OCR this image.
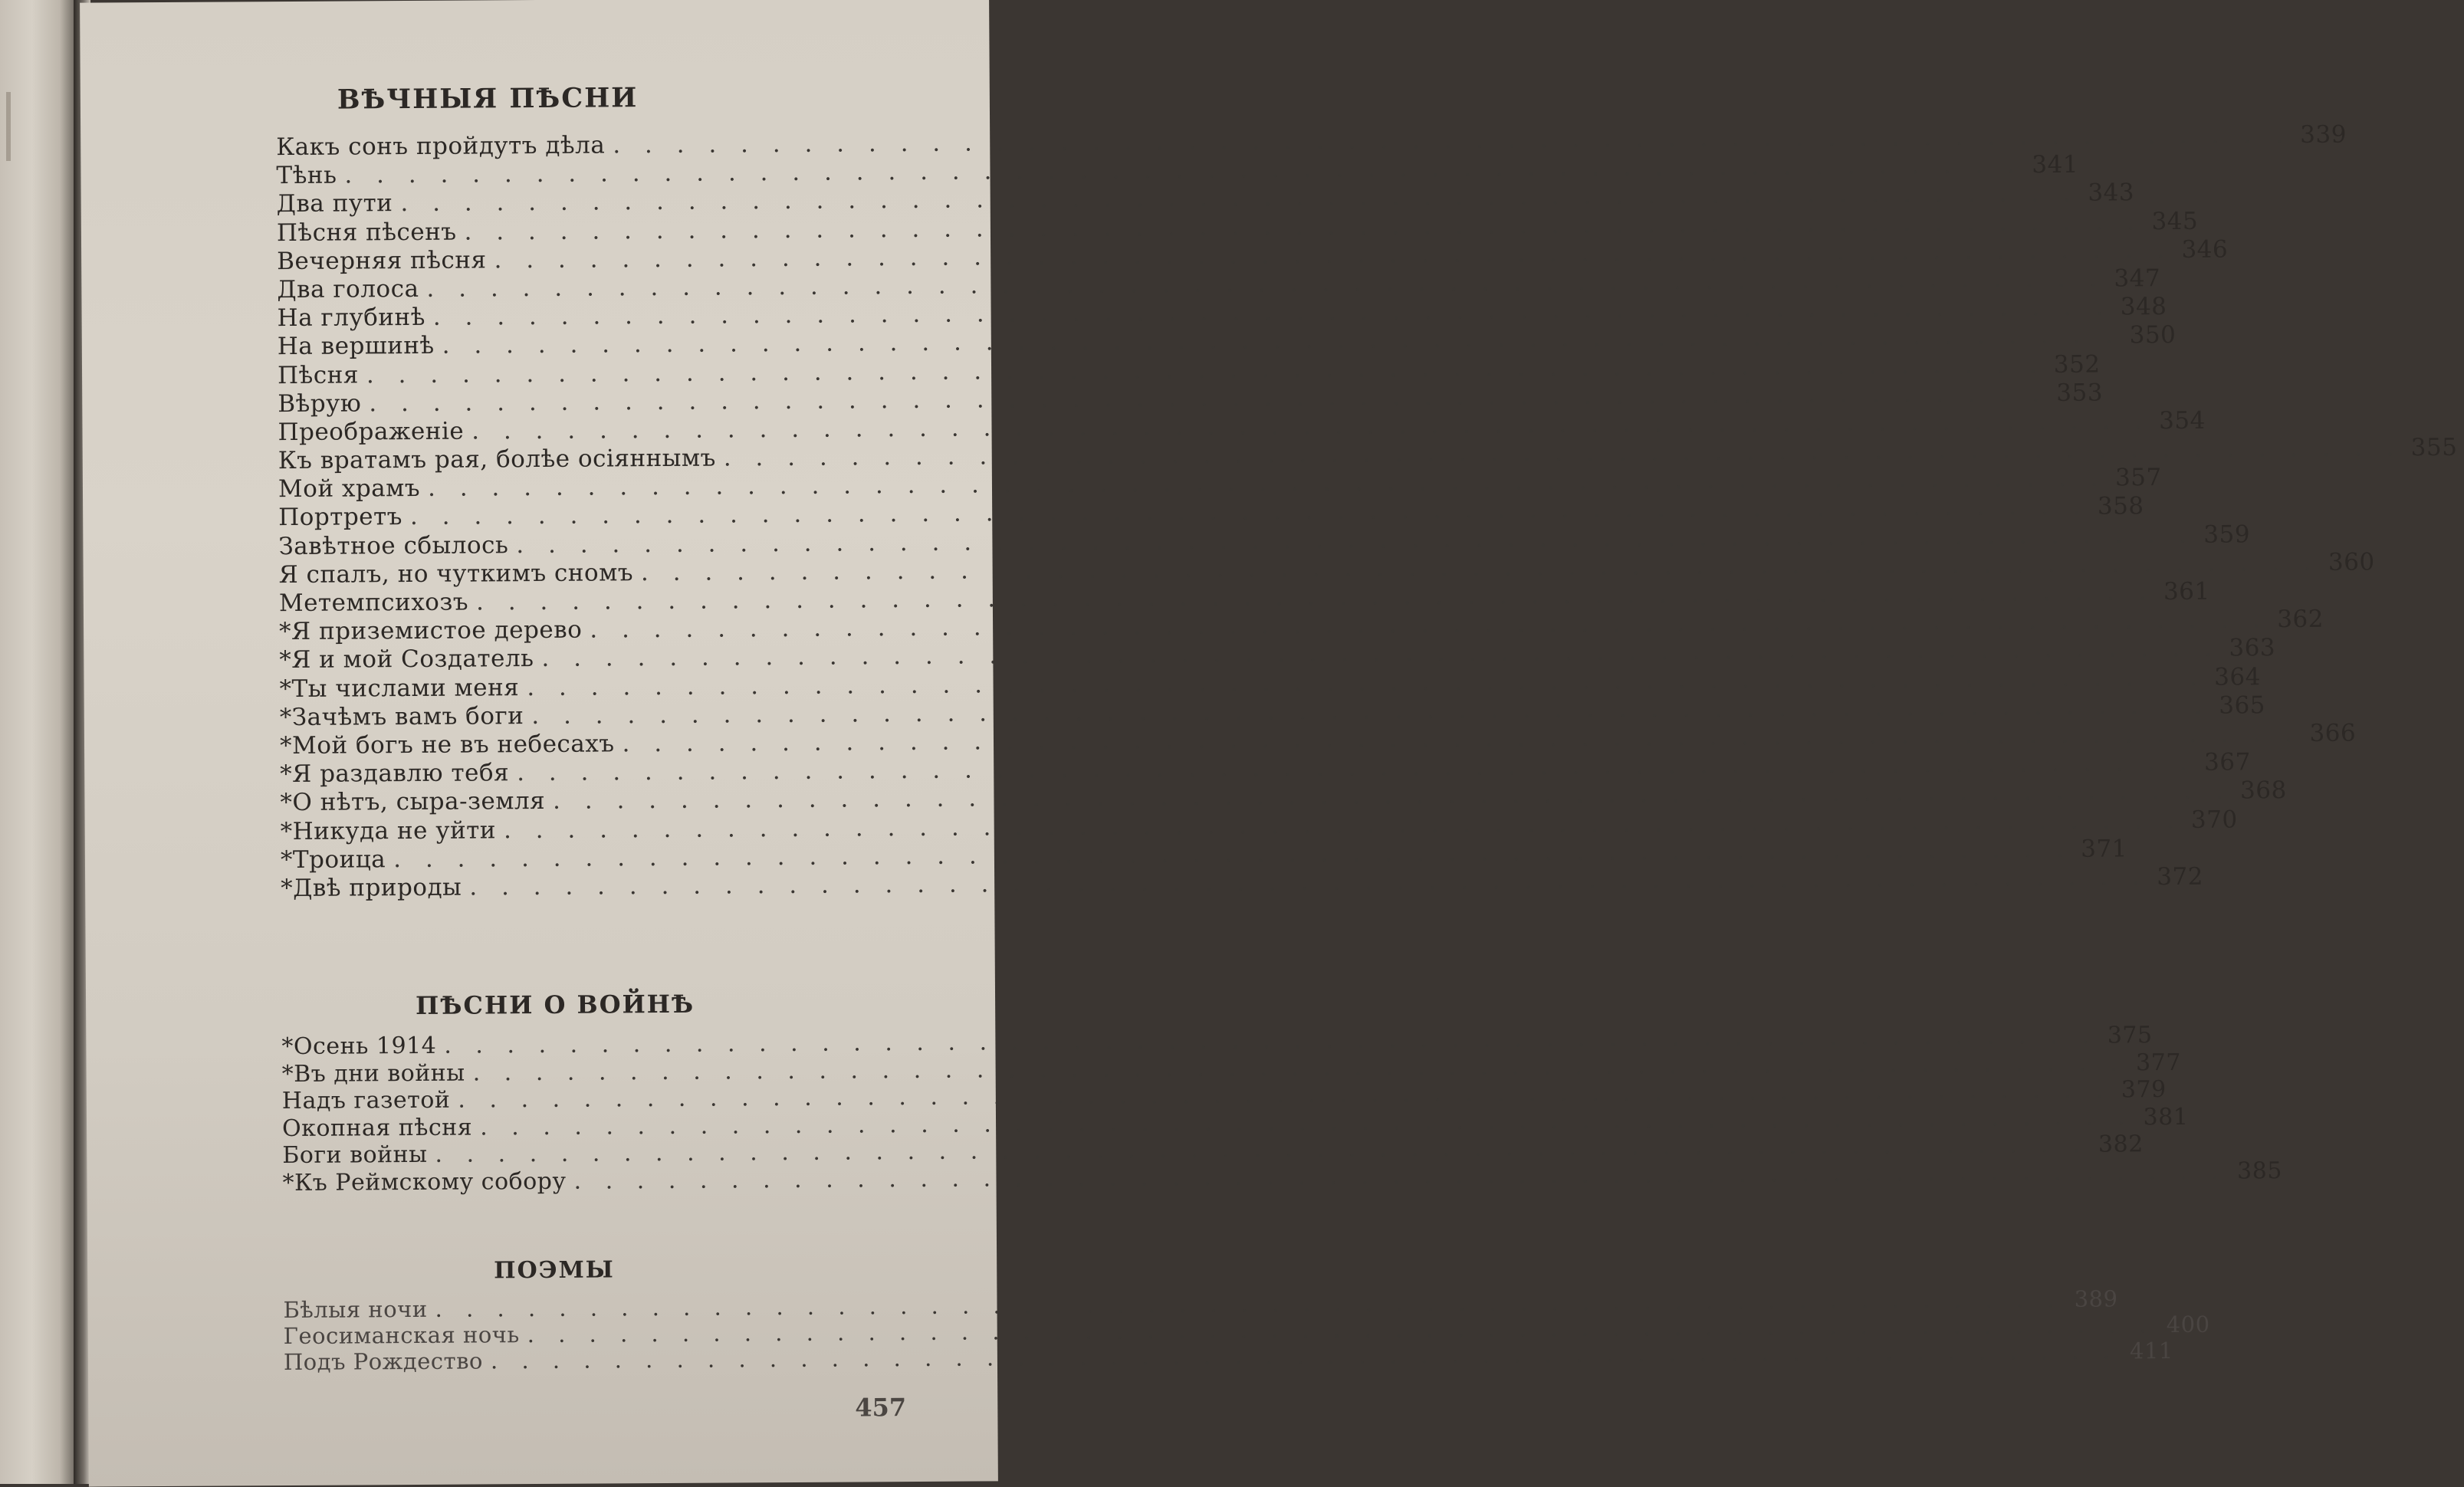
ВѢЧНЫЯ ПѢСНИ
Какъ сонъ пройдутъ дѣла . . .	339
Тѣнь . . .	341
Два пути . . .	343
Пѣсня пѣсенъ . . .	345
Вечерняя пѣсня . . .	346
Два голоса . . .	347
На глубинѣ . . .	348
На вершинѣ . . .	350
Пѣсня . . .	352
Вѣрую . . .	353
Преображеніе . . .	354
Къ вратамъ рая, болѣе осіяннымъ . . .	355
Мой храмъ . . .	357
Портретъ . . .	358
Завѣтное сбылось . . .	359
Я спалъ, но чуткимъ сномъ . . .	360
Метемпсихозъ . . .	361
*Я приземистое дерево . . .	362
*Я и мой Создатель . . .	363
*Ты числами меня . . .	364
*Зачѣмъ вамъ боги . . .	365
*Мой богъ не въ небесахъ . . .	366
*Я раздавлю тебя . . .	367
*О нѣтъ, сыра-земля . . .	368
*Никуда не уйти . . .	370
*Троица . . .	371
*Двѣ природы . . .	372
ПѢСНИ О ВОЙНѢ
*Осень 1914 . . .	375
*Въ дни войны . . .	377
Надъ газетой . . .	379
Окопная пѣсня . . .	381
Боги войны . . .	382
*Къ Реймскому собору . . .	385
ПОЭМЫ
Бѣлыя ночи . . .	389
Геосиманская ночь . . .	400
Подъ Рождество . . .	411
457
